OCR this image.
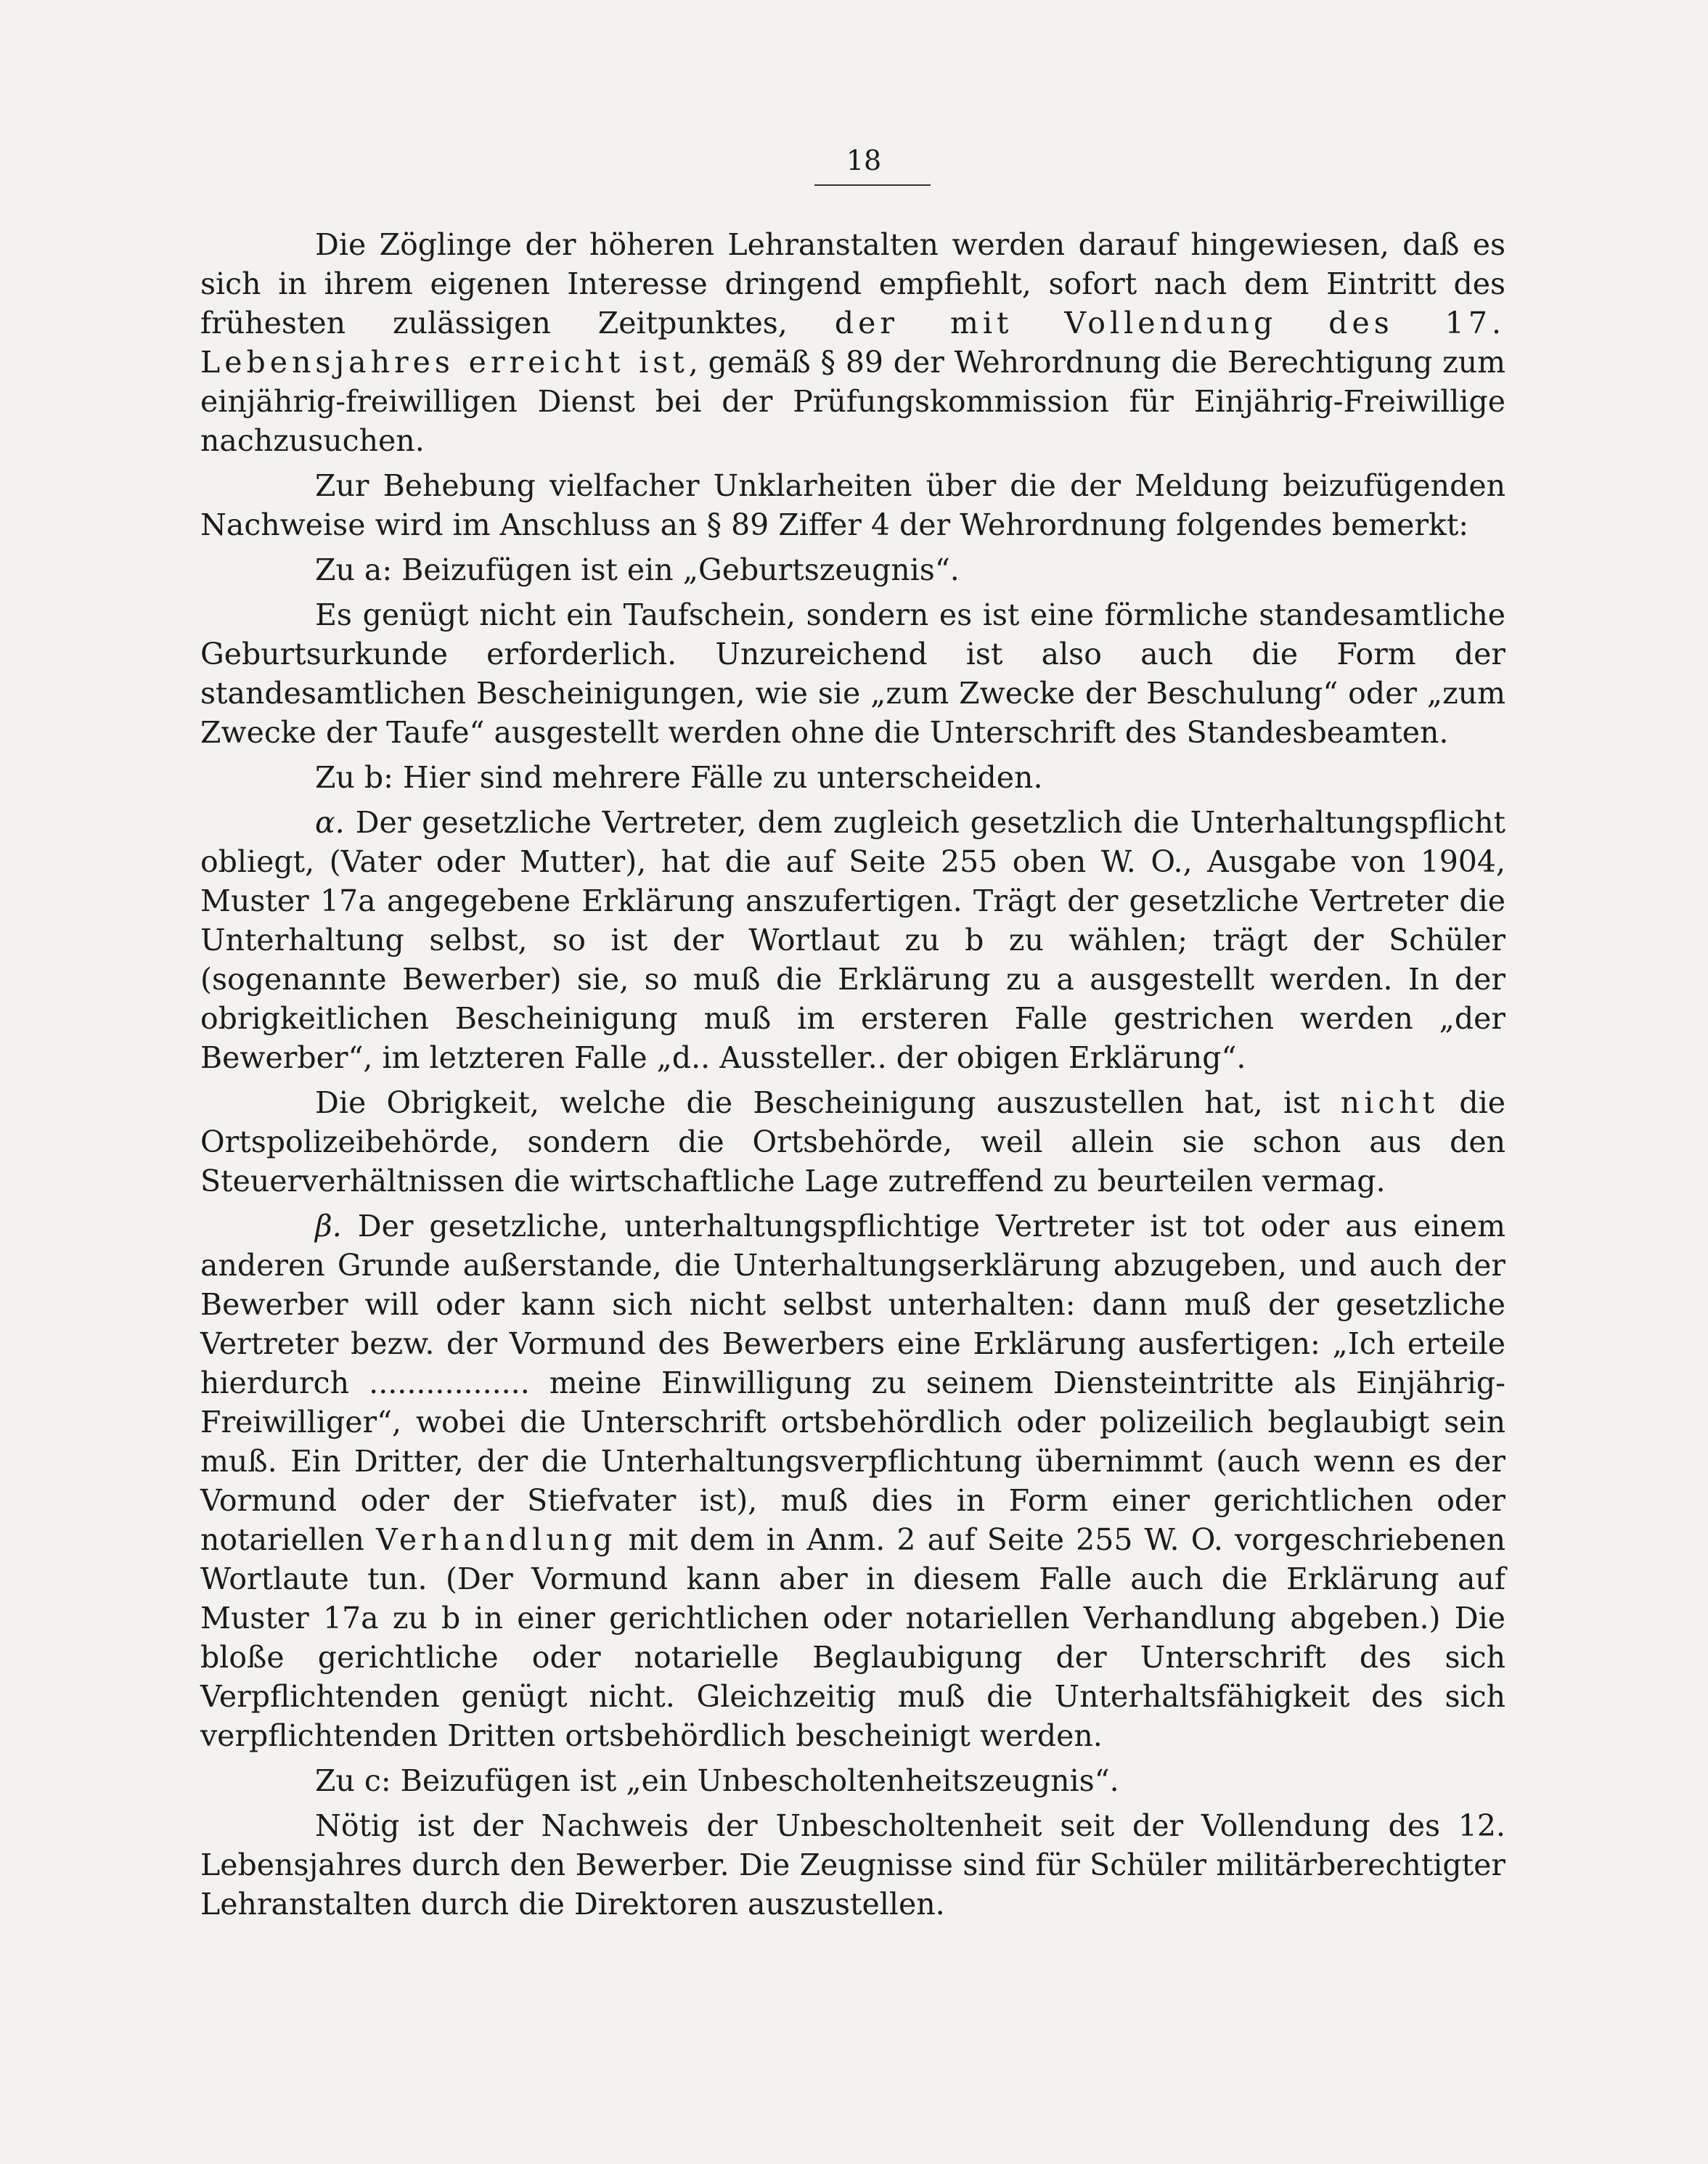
18

Die Zöglinge der höheren Lehranstalten werden darauf hingewiesen, daß es sich in ihrem eigenen Interesse dringend empfiehlt, sofort nach dem Eintritt des frühesten zulässigen Zeitpunktes, der mit Vollendung des 17. Lebensjahres erreicht ist, gemäß § 89 der Wehrordnung die Berechtigung zum einjährig-freiwilligen Dienst bei der Prüfungskommission für Einjährig-Freiwillige nachzusuchen.

Zur Behebung vielfacher Unklarheiten über die der Meldung beizufügenden Nachweise wird im Anschluss an § 89 Ziffer 4 der Wehrordnung folgendes bemerkt:

Zu a: Beizufügen ist ein „Geburtszeugnis“.

Es genügt nicht ein Taufschein, sondern es ist eine förmliche standesamtliche Geburtsurkunde erforderlich. Unzureichend ist also auch die Form der standesamtlichen Bescheinigungen, wie sie „zum Zwecke der Beschulung“ oder „zum Zwecke der Taufe“ ausgestellt werden ohne die Unterschrift des Standesbeamten.

Zu b: Hier sind mehrere Fälle zu unterscheiden.

α. Der gesetzliche Vertreter, dem zugleich gesetzlich die Unterhaltungspflicht obliegt, (Vater oder Mutter), hat die auf Seite 255 oben W. O., Ausgabe von 1904, Muster 17a angegebene Erklärung anszufertigen. Trägt der gesetzliche Vertreter die Unterhaltung selbst, so ist der Wortlaut zu b zu wählen; trägt der Schüler (sogenannte Bewerber) sie, so muß die Erklärung zu a ausgestellt werden. In der obrigkeitlichen Bescheinigung muß im ersteren Falle gestrichen werden „der Bewerber“, im letzteren Falle „d.. Aussteller.. der obigen Erklärung“.

Die Obrigkeit, welche die Bescheinigung auszustellen hat, ist nicht die Ortspolizeibehörde, sondern die Ortsbehörde, weil allein sie schon aus den Steuerverhältnissen die wirtschaftliche Lage zutreffend zu beurteilen vermag.

β. Der gesetzliche, unterhaltungspflichtige Vertreter ist tot oder aus einem anderen Grunde außerstande, die Unterhaltungserklärung abzugeben, und auch der Bewerber will oder kann sich nicht selbst unterhalten: dann muß der gesetzliche Vertreter bezw. der Vormund des Bewerbers eine Erklärung ausfertigen: „Ich erteile hierdurch ................. meine Einwilligung zu seinem Diensteintritte als Einjährig-Freiwilliger“, wobei die Unterschrift ortsbehördlich oder polizeilich beglaubigt sein muß. Ein Dritter, der die Unterhaltungsverpflichtung übernimmt (auch wenn es der Vormund oder der Stiefvater ist), muß dies in Form einer gerichtlichen oder notariellen Verhandlung mit dem in Anm. 2 auf Seite 255 W. O. vorgeschriebenen Wortlaute tun. (Der Vormund kann aber in diesem Falle auch die Erklärung auf Muster 17a zu b in einer gerichtlichen oder notariellen Verhandlung abgeben.) Die bloße gerichtliche oder notarielle Beglaubigung der Unterschrift des sich Verpflichtenden genügt nicht. Gleichzeitig muß die Unterhaltsfähigkeit des sich verpflichtenden Dritten ortsbehördlich bescheinigt werden.

Zu c: Beizufügen ist „ein Unbescholtenheitszeugnis“.

Nötig ist der Nachweis der Unbescholtenheit seit der Vollendung des 12. Lebensjahres durch den Bewerber. Die Zeugnisse sind für Schüler militärberechtigter Lehranstalten durch die Direktoren auszustellen.
